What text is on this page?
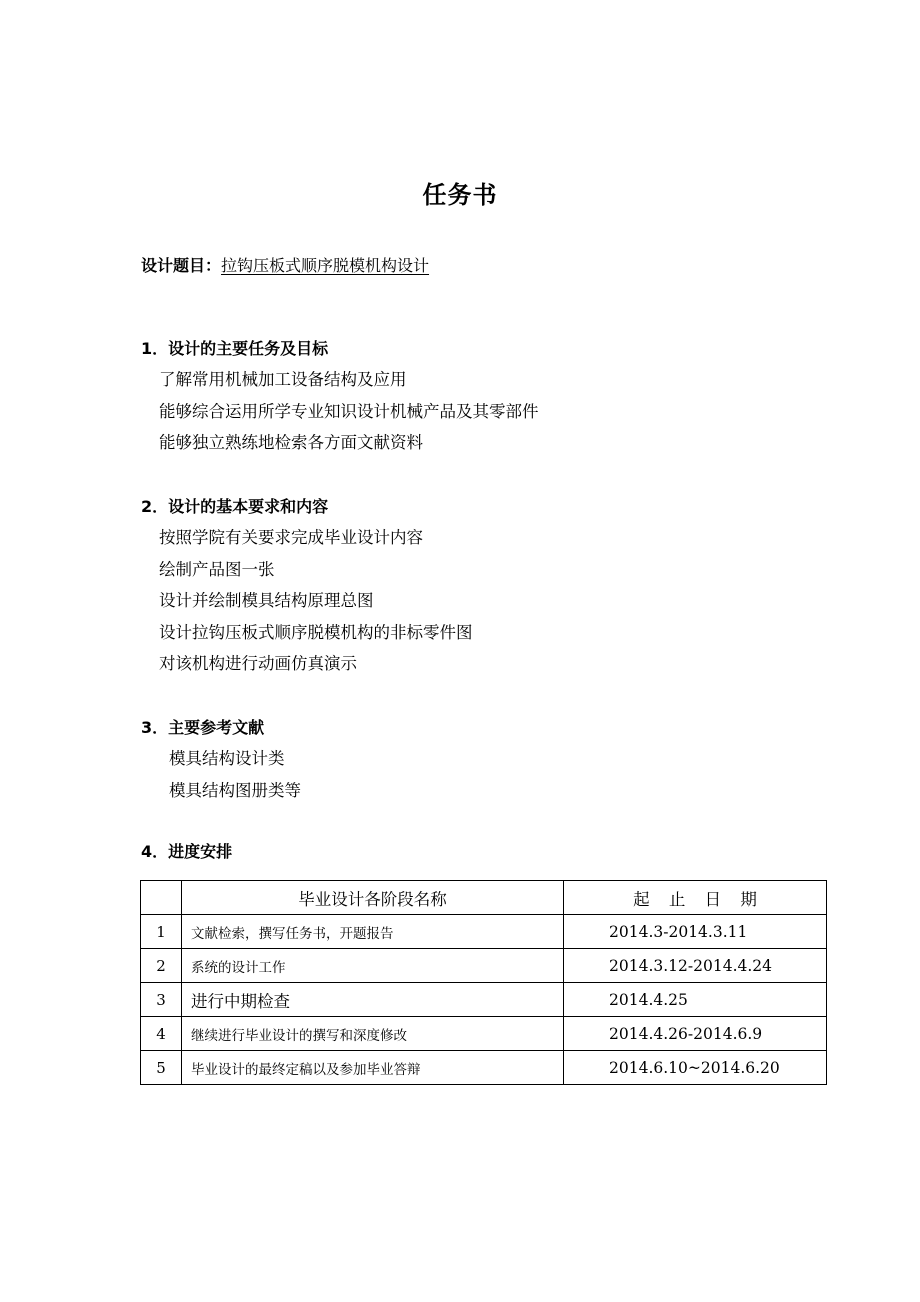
任务书
设计题目：拉钩压板式顺序脱模机构设计
1．设计的主要任务及目标
了解常用机械加工设备结构及应用
能够综合运用所学专业知识设计机械产品及其零部件
能够独立熟练地检索各方面文献资料
2．设计的基本要求和内容
按照学院有关要求完成毕业设计内容
绘制产品图一张
设计并绘制模具结构原理总图
设计拉钩压板式顺序脱模机构的非标零件图
对该机构进行动画仿真演示
3．主要参考文献
模具结构设计类
模具结构图册类等
4．进度安排
	毕业设计各阶段名称	起 止 日 期
1	文献检索，撰写任务书，开题报告	2014.3-2014.3.11
2	系统的设计工作	2014.3.12-2014.4.24
3	进行中期检查	2014.4.25
4	继续进行毕业设计的撰写和深度修改	2014.4.26-2014.6.9
5	毕业设计的最终定稿以及参加毕业答辩	2014.6.10~2014.6.20
